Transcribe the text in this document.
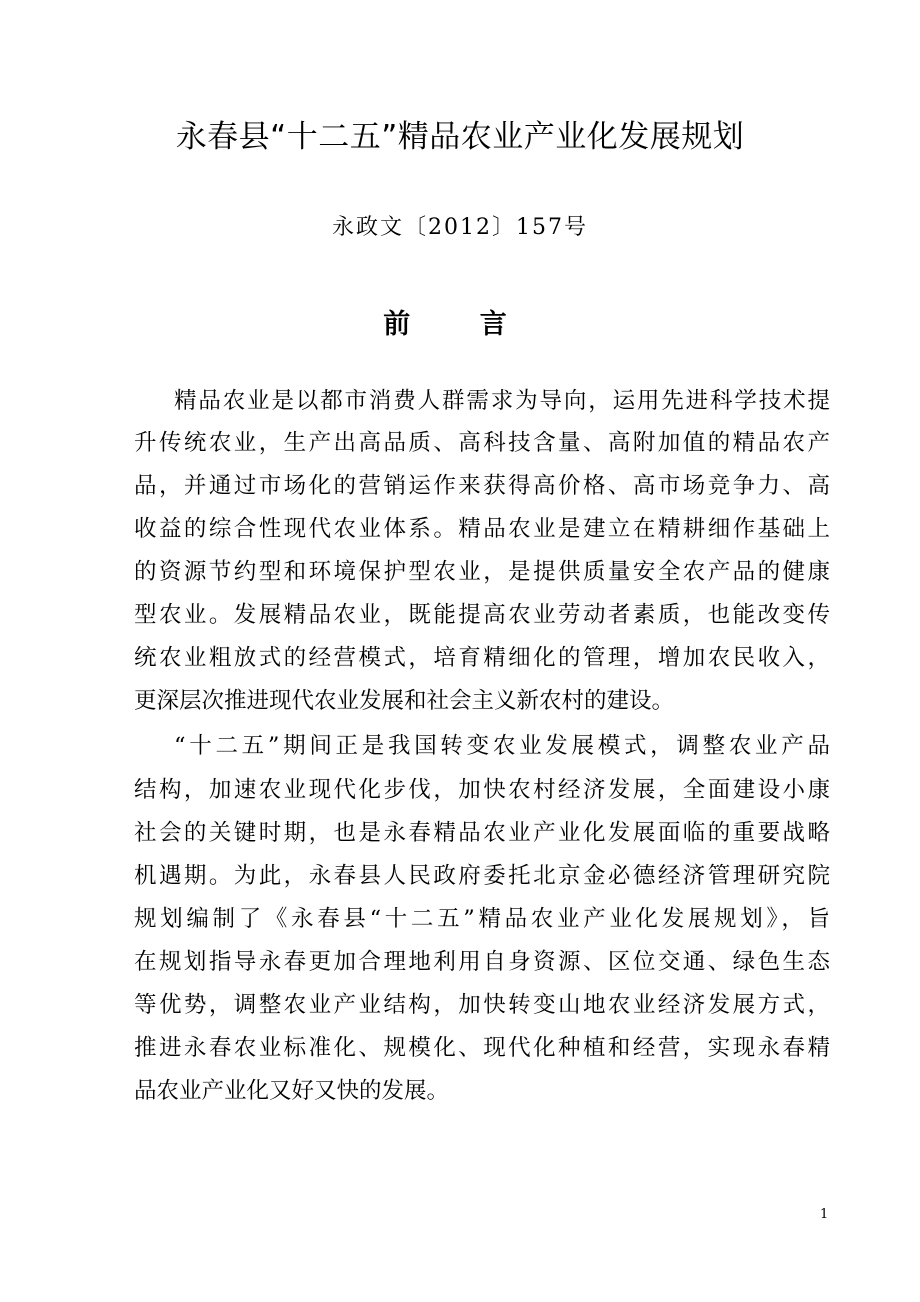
永春县“十二五”精品农业产业化发展规划
永政文〔2012〕157号
前 言
精品农业是以都市消费人群需求为导向，运用先进科学技术提
升传统农业，生产出高品质、高科技含量、高附加值的精品农产
品，并通过市场化的营销运作来获得高价格、高市场竞争力、高
收益的综合性现代农业体系。精品农业是建立在精耕细作基础上
的资源节约型和环境保护型农业，是提供质量安全农产品的健康
型农业。发展精品农业，既能提高农业劳动者素质，也能改变传
统农业粗放式的经营模式，培育精细化的管理，增加农民收入，
更深层次推进现代农业发展和社会主义新农村的建设。
“十二五”期间正是我国转变农业发展模式，调整农业产品
结构，加速农业现代化步伐，加快农村经济发展，全面建设小康
社会的关键时期，也是永春精品农业产业化发展面临的重要战略
机遇期。为此，永春县人民政府委托北京金必德经济管理研究院
规划编制了《永春县“十二五”精品农业产业化发展规划》，旨
在规划指导永春更加合理地利用自身资源、区位交通、绿色生态
等优势，调整农业产业结构，加快转变山地农业经济发展方式，
推进永春农业标准化、规模化、现代化种植和经营，实现永春精
品农业产业化又好又快的发展。
1
